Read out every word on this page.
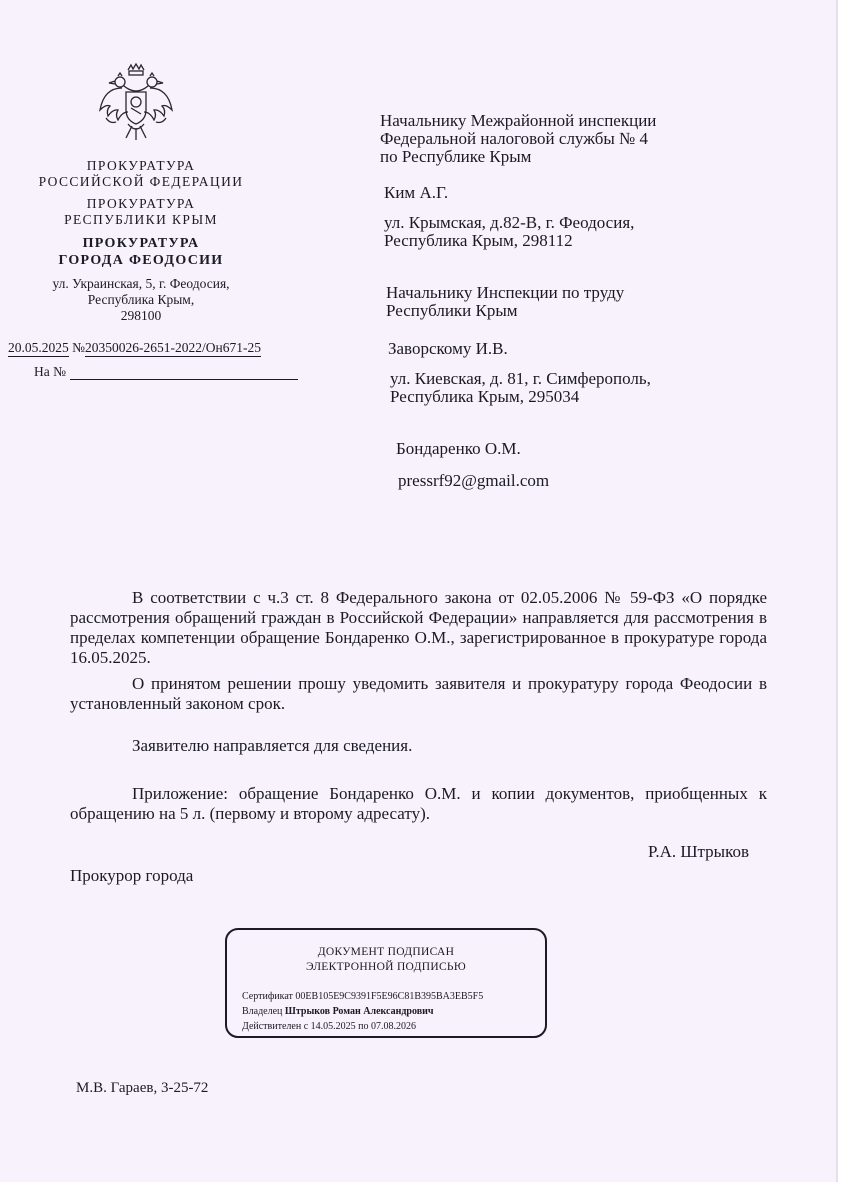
ПРОКУРАТУРА
РОССИЙСКОЙ ФЕДЕРАЦИИ
ПРОКУРАТУРА
РЕСПУБЛИКИ КРЫМ
ПРОКУРАТУРА
ГОРОДА ФЕОДОСИИ
ул. Украинская, 5, г. Феодосия,
Республика Крым,
298100
20.05.2025 №20350026-2651-2022/Он671-25
На №
Начальнику Межрайонной инспекции
Федеральной налоговой службы № 4
по Республике Крым
Ким А.Г.
ул. Крымская, д.82-В, г. Феодосия,
Республика Крым, 298112
Начальнику Инспекции по труду
Республики Крым
Заворскому И.В.
ул. Киевская, д. 81, г. Симферополь,
Республика Крым, 295034
Бондаренко О.М.
pressrf92@gmail.com
В соответствии с ч.3 ст. 8 Федерального закона от 02.05.2006 № 59-ФЗ «О порядке рассмотрения обращений граждан в Российской Федерации» направляется для рассмотрения в пределах компетенции обращение Бондаренко О.М., зарегистрированное в прокуратуре города 16.05.2025.
О принятом решении прошу уведомить заявителя и прокуратуру города Феодосии в установленный законом срок.
Заявителю направляется для сведения.
Приложение: обращение Бондаренко О.М. и копии документов, приобщенных к обращению на 5 л. (первому и второму адресату).
Р.А. Штрыков
Прокурор города
ДОКУМЕНТ ПОДПИСАН
ЭЛЕКТРОННОЙ ПОДПИСЬЮ
Сертификат 00EB105E9C9391F5E96C81B395BA3EB5F5
Владелец Штрыков Роман Александрович
Действителен с 14.05.2025 по 07.08.2026
М.В. Гараев, 3-25-72
